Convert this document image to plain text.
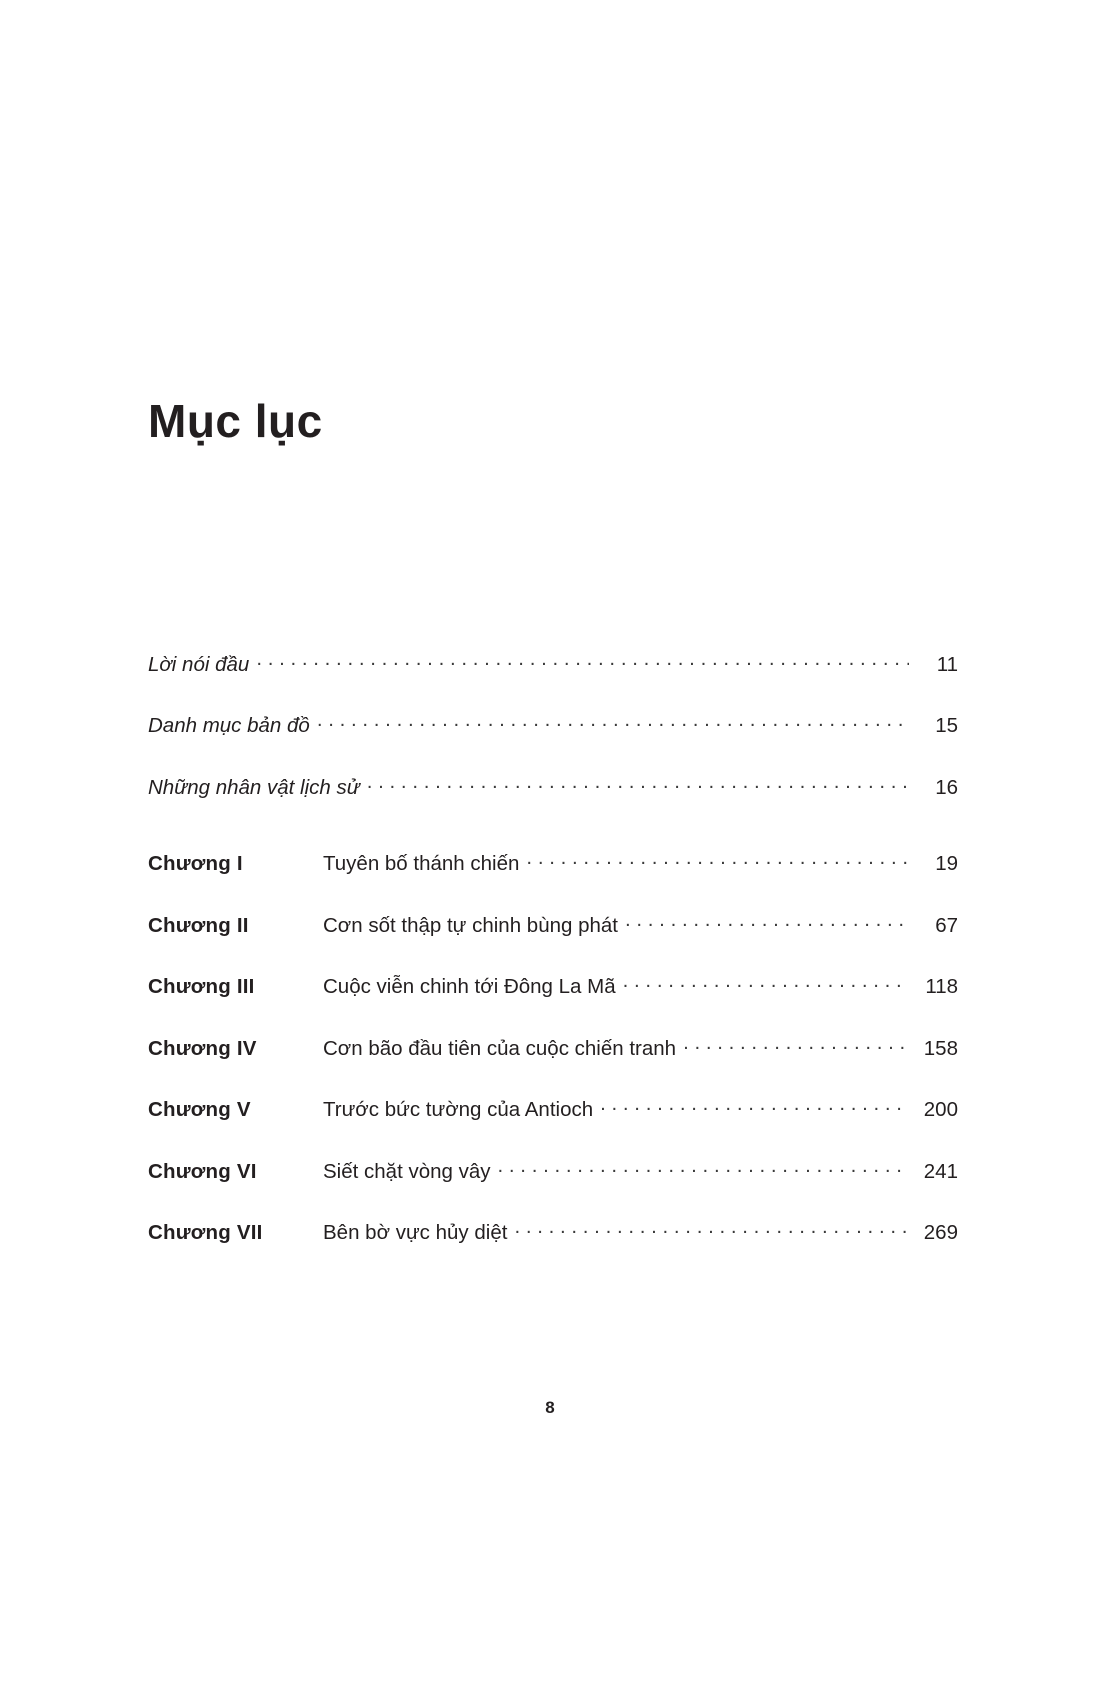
Mục lục
Lời nói đầu . . .	11
Danh mục bản đồ . . .	15
Những nhân vật lịch sử . . .	16
Chương I	Tuyên bố thánh chiến . . .	19
Chương II	Cơn sốt thập tự chinh bùng phát . . .	67
Chương III	Cuộc viễn chinh tới Đông La Mã . . .	118
Chương IV	Cơn bão đầu tiên của cuộc chiến tranh . . .	158
Chương V	Trước bức tường của Antioch . . .	200
Chương VI	Siết chặt vòng vây . . .	241
Chương VII	Bên bờ vực hủy diệt . . .	269
8
